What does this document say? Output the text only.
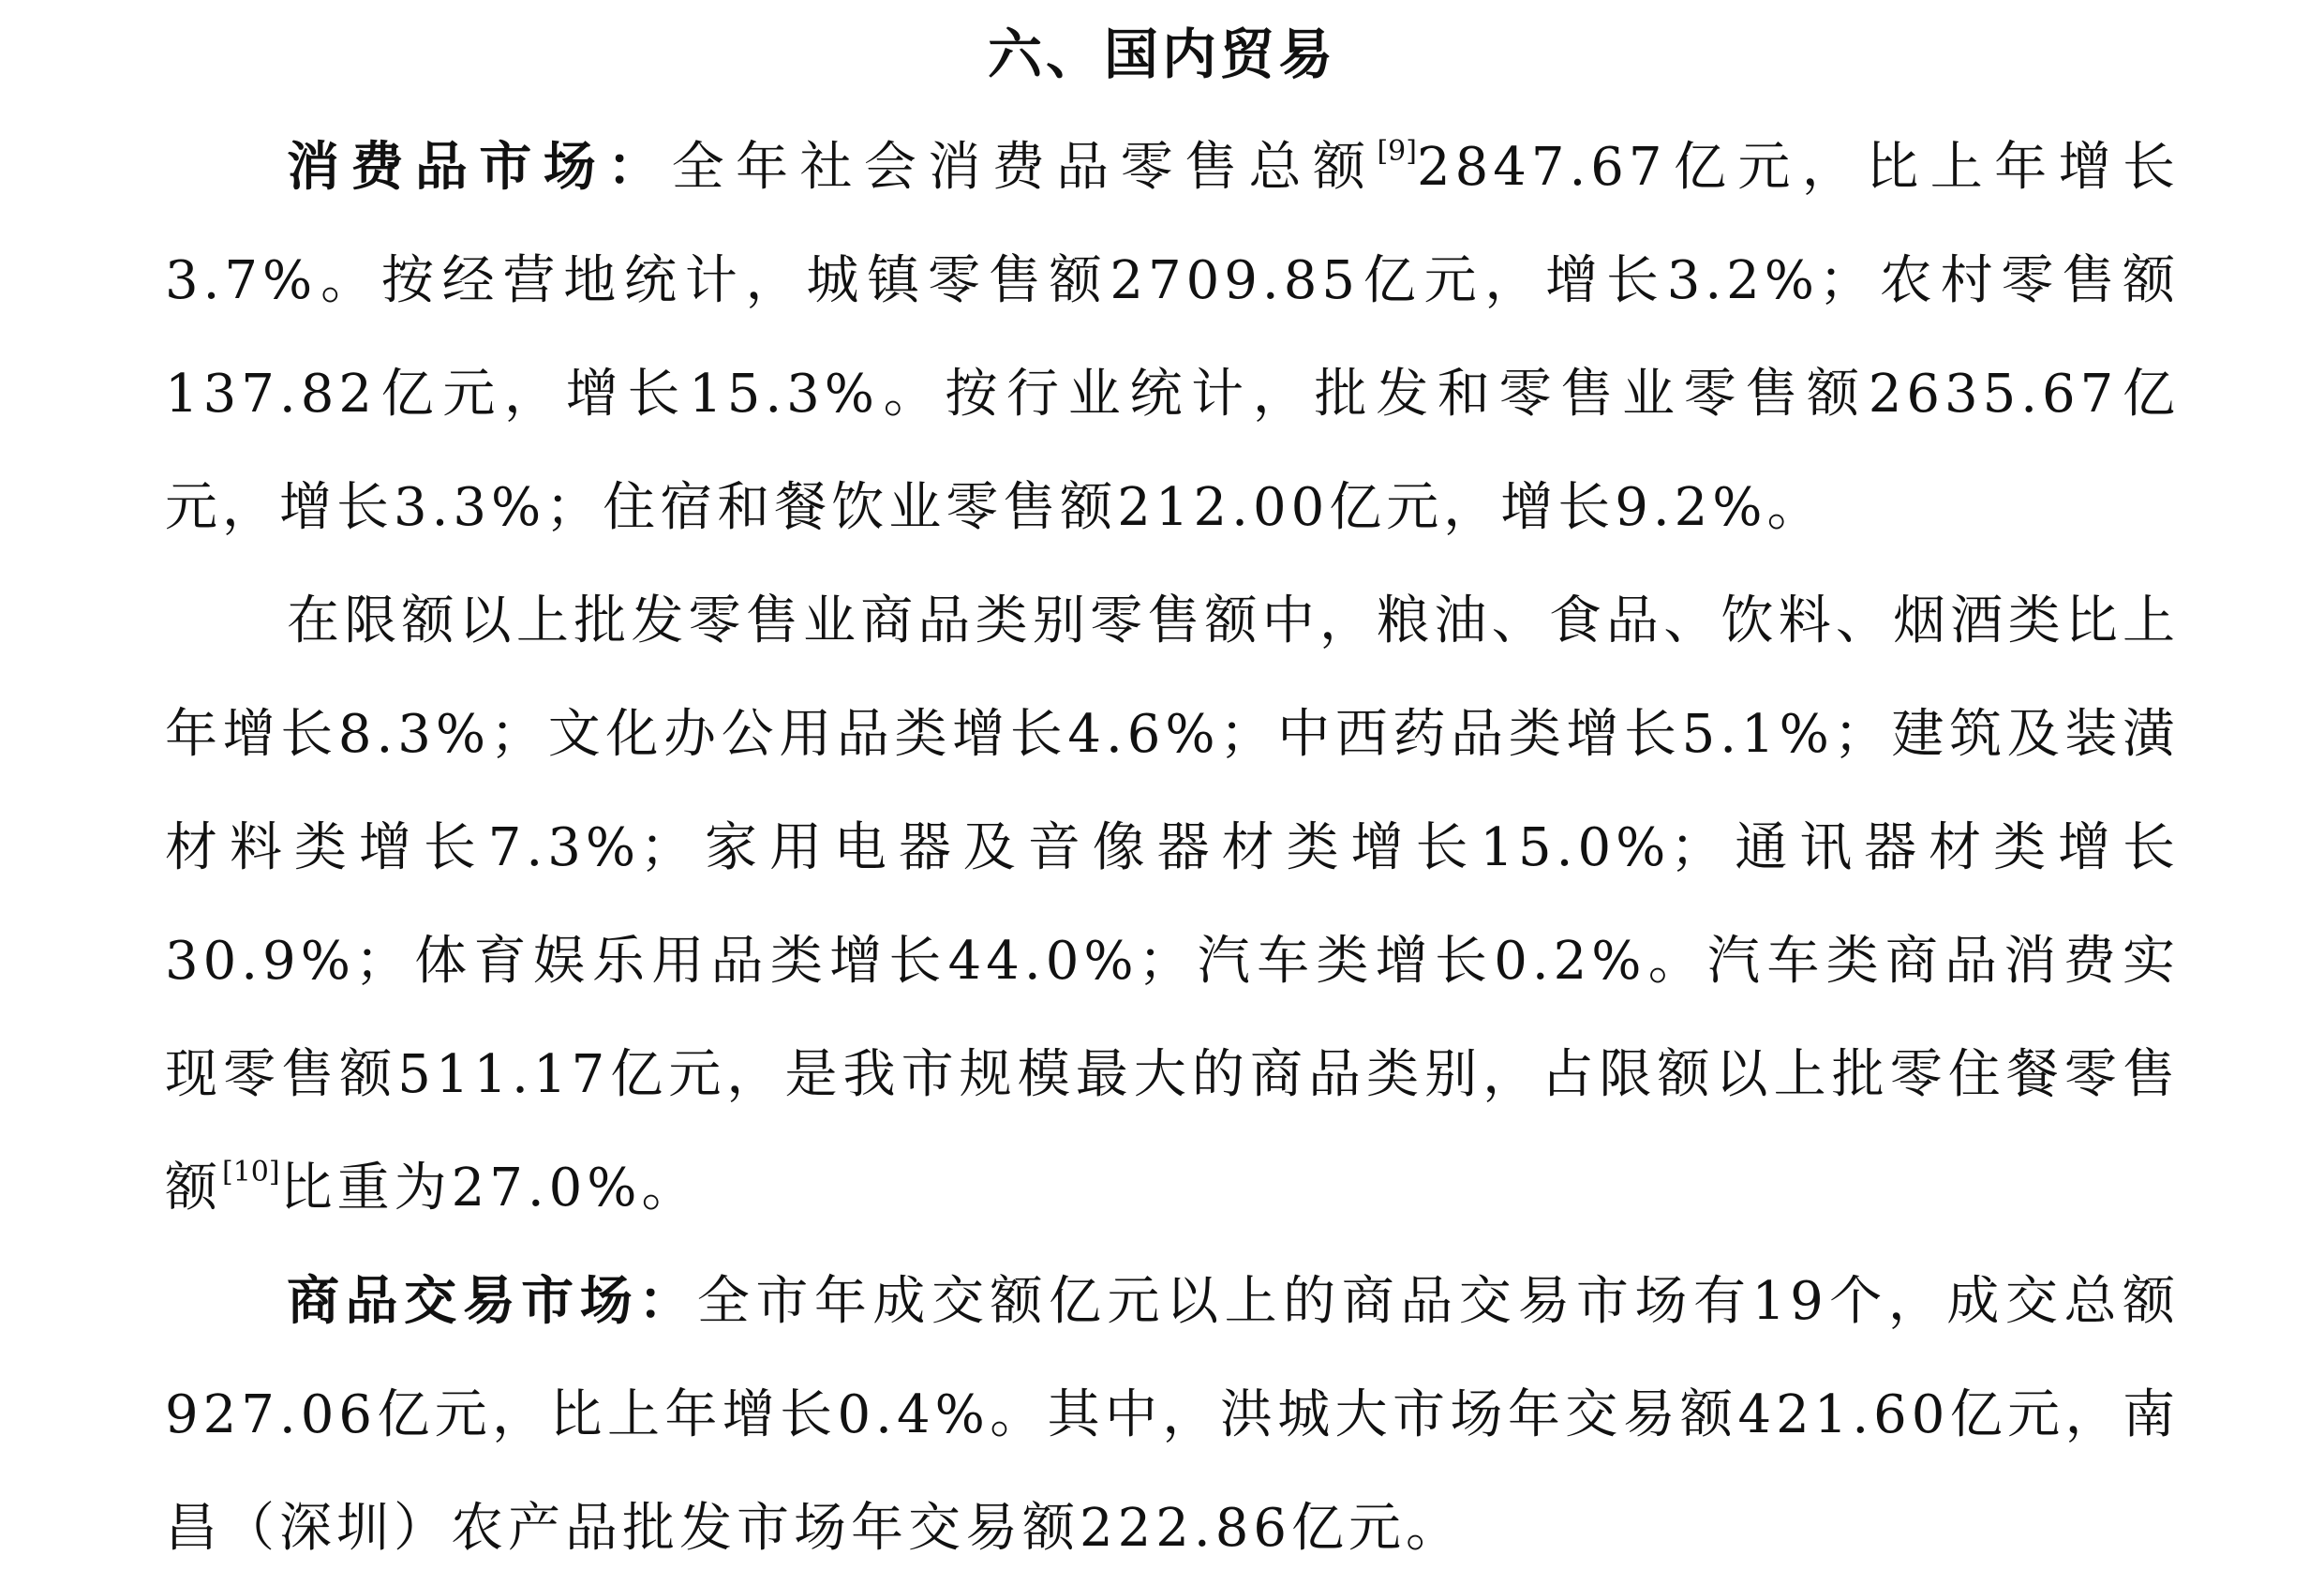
六、国内贸易

消费品市场：全年社会消费品零售总额[9]2847.67亿元，比上年增长3.7%。按经营地统计，城镇零售额2709.85亿元，增长3.2%；农村零售额137.82亿元，增长15.3%。按行业统计，批发和零售业零售额2635.67亿元，增长3.3%；住宿和餐饮业零售额212.00亿元，增长9.2%。

在限额以上批发零售业商品类别零售额中，粮油、食品、饮料、烟酒类比上年增长8.3%；文化办公用品类增长4.6%；中西药品类增长5.1%；建筑及装潢材料类增长7.3%；家用电器及音像器材类增长15.0%；通讯器材类增长30.9%；体育娱乐用品类增长44.0%；汽车类增长0.2%。汽车类商品消费实现零售额511.17亿元，是我市规模最大的商品类别，占限额以上批零住餐零售额[10]比重为27.0%。

商品交易市场：全市年成交额亿元以上的商品交易市场有19个，成交总额927.06亿元，比上年增长0.4%。其中，洪城大市场年交易额421.60亿元，南昌（深圳）农产品批发市场年交易额222.86亿元。
